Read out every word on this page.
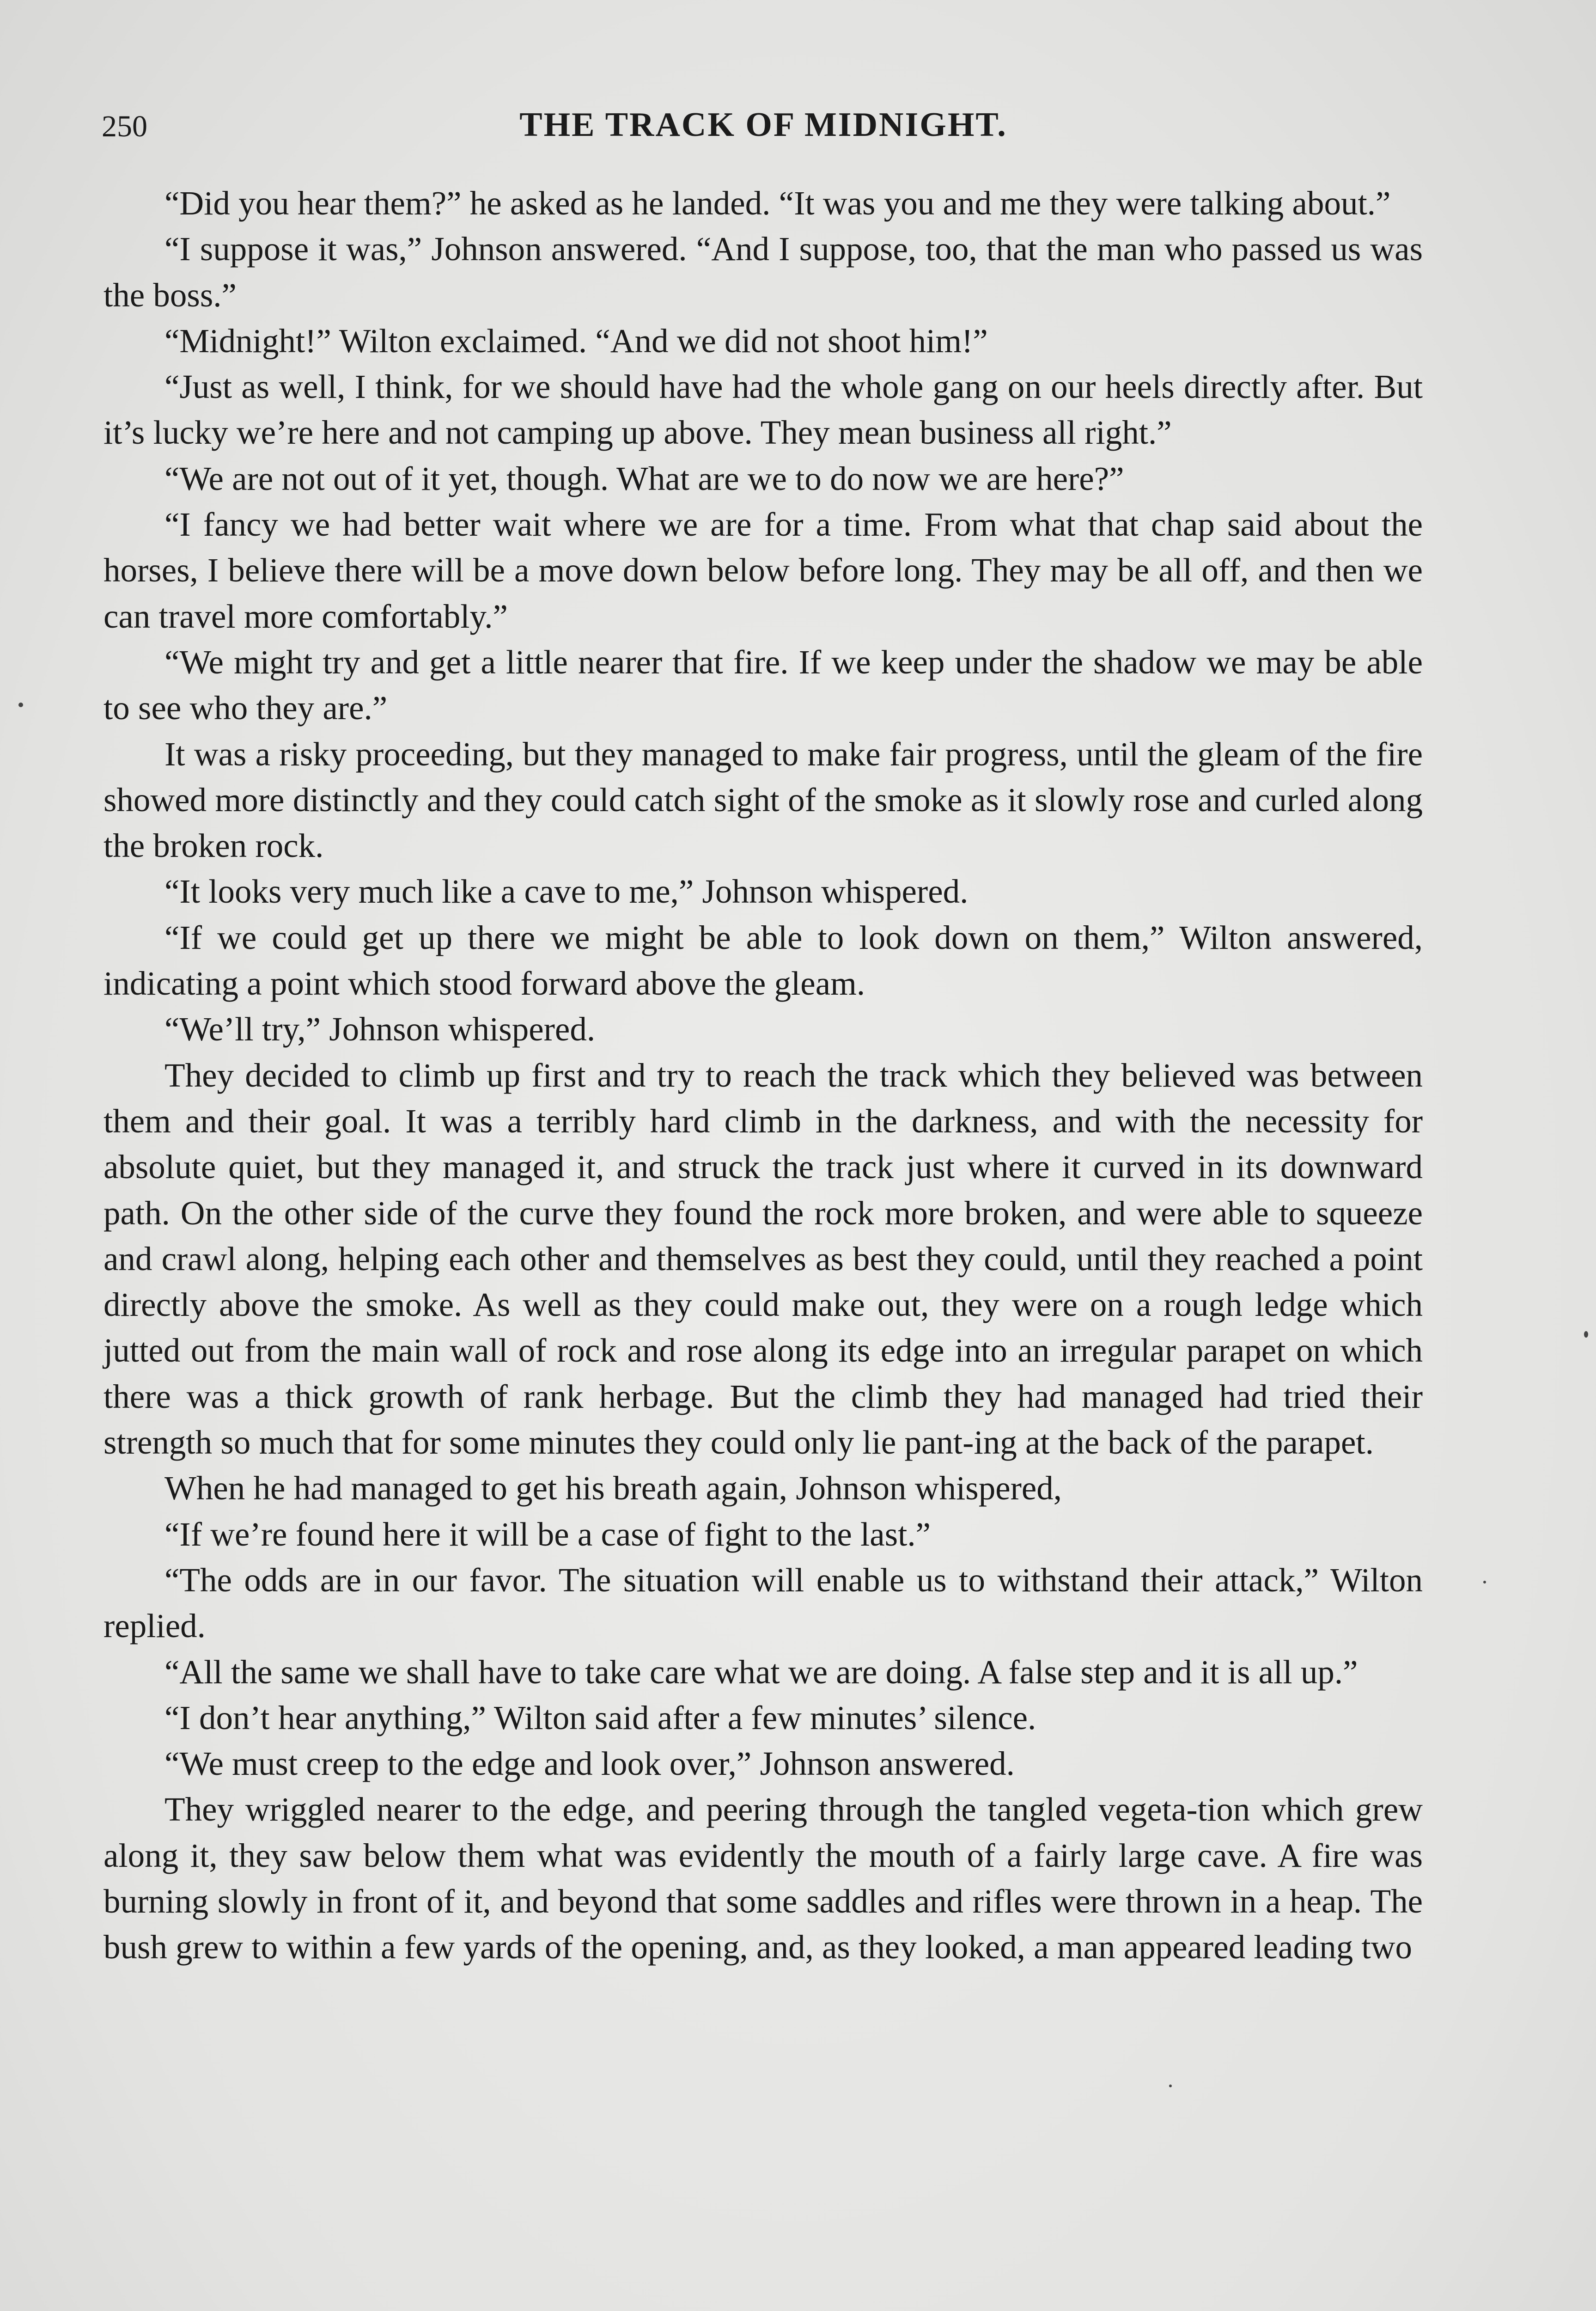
250	THE TRACK OF MIDNIGHT.

“Did you hear them?” he asked as he landed. “It was you and me they were talking about.”

“I suppose it was,” Johnson answered. “And I suppose, too, that the man who passed us was the boss.”

“Midnight!” Wilton exclaimed. “And we did not shoot him!”

“Just as well, I think, for we should have had the whole gang on our heels directly after. But it’s lucky we’re here and not camping up above. They mean business all right.”

“We are not out of it yet, though. What are we to do now we are here?”

“I fancy we had better wait where we are for a time. From what that chap said about the horses, I believe there will be a move down below before long. They may be all off, and then we can travel more comfortably.”

“We might try and get a little nearer that fire. If we keep under the shadow we may be able to see who they are.”

It was a risky proceeding, but they managed to make fair progress, until the gleam of the fire showed more distinctly and they could catch sight of the smoke as it slowly rose and curled along the broken rock.

“It looks very much like a cave to me,” Johnson whispered.

“If we could get up there we might be able to look down on them,” Wilton answered, indicating a point which stood forward above the gleam.

“We’ll try,” Johnson whispered.

They decided to climb up first and try to reach the track which they believed was between them and their goal. It was a terribly hard climb in the darkness, and with the necessity for absolute quiet, but they managed it, and struck the track just where it curved in its downward path. On the other side of the curve they found the rock more broken, and were able to squeeze and crawl along, helping each other and themselves as best they could, until they reached a point directly above the smoke. As well as they could make out, they were on a rough ledge which jutted out from the main wall of rock and rose along its edge into an irregular parapet on which there was a thick growth of rank herbage. But the climb they had managed had tried their strength so much that for some minutes they could only lie pant-ing at the back of the parapet.

When he had managed to get his breath again, Johnson whispered,

“If we’re found here it will be a case of fight to the last.”

“The odds are in our favor. The situation will enable us to withstand their attack,” Wilton replied.

“All the same we shall have to take care what we are doing. A false step and it is all up.”

“I don’t hear anything,” Wilton said after a few minutes’ silence.

“We must creep to the edge and look over,” Johnson answered.

They wriggled nearer to the edge, and peering through the tangled vegeta-tion which grew along it, they saw below them what was evidently the mouth of a fairly large cave. A fire was burning slowly in front of it, and beyond that some saddles and rifles were thrown in a heap. The bush grew to within a few yards of the opening, and, as they looked, a man appeared leading two
